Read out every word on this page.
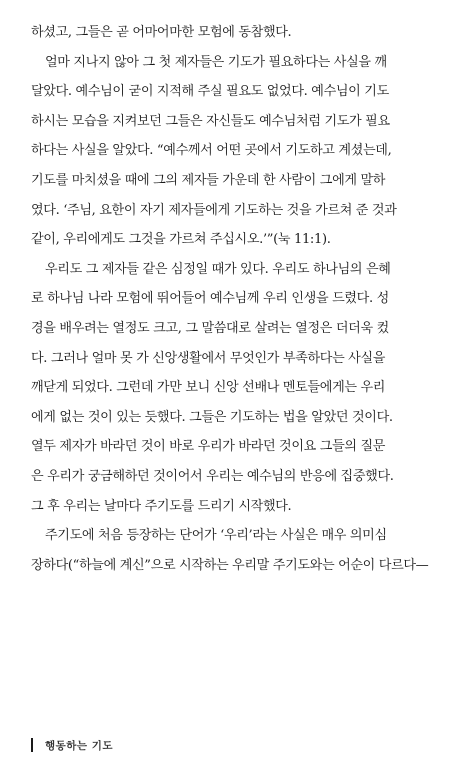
하셨고, 그들은 곧 어마어마한 모험에 동참했다.
얼마 지나지 않아 그 첫 제자들은 기도가 필요하다는 사실을 깨
달았다. 예수님이 굳이 지적해 주실 필요도 없었다. 예수님이 기도
하시는 모습을 지켜보던 그들은 자신들도 예수님처럼 기도가 필요
하다는 사실을 알았다. “예수께서 어떤 곳에서 기도하고 계셨는데,
기도를 마치셨을 때에 그의 제자들 가운데 한 사람이 그에게 말하
였다. ‘주님, 요한이 자기 제자들에게 기도하는 것을 가르쳐 준 것과
같이, 우리에게도 그것을 가르쳐 주십시오.’”(눅 11:1).
우리도 그 제자들 같은 심정일 때가 있다. 우리도 하나님의 은혜
로 하나님 나라 모험에 뛰어들어 예수님께 우리 인생을 드렸다. 성
경을 배우려는 열정도 크고, 그 말씀대로 살려는 열정은 더더욱 컸
다. 그러나 얼마 못 가 신앙생활에서 무엇인가 부족하다는 사실을
깨닫게 되었다. 그런데 가만 보니 신앙 선배나 멘토들에게는 우리
에게 없는 것이 있는 듯했다. 그들은 기도하는 법을 알았던 것이다.
열두 제자가 바라던 것이 바로 우리가 바라던 것이요 그들의 질문
은 우리가 궁금해하던 것이어서 우리는 예수님의 반응에 집중했다.
그 후 우리는 날마다 주기도를 드리기 시작했다.
주기도에 처음 등장하는 단어가 ‘우리’라는 사실은 매우 의미심
장하다(“하늘에 계신”으로 시작하는 우리말 주기도와는 어순이 다르다—
행동하는 기도
